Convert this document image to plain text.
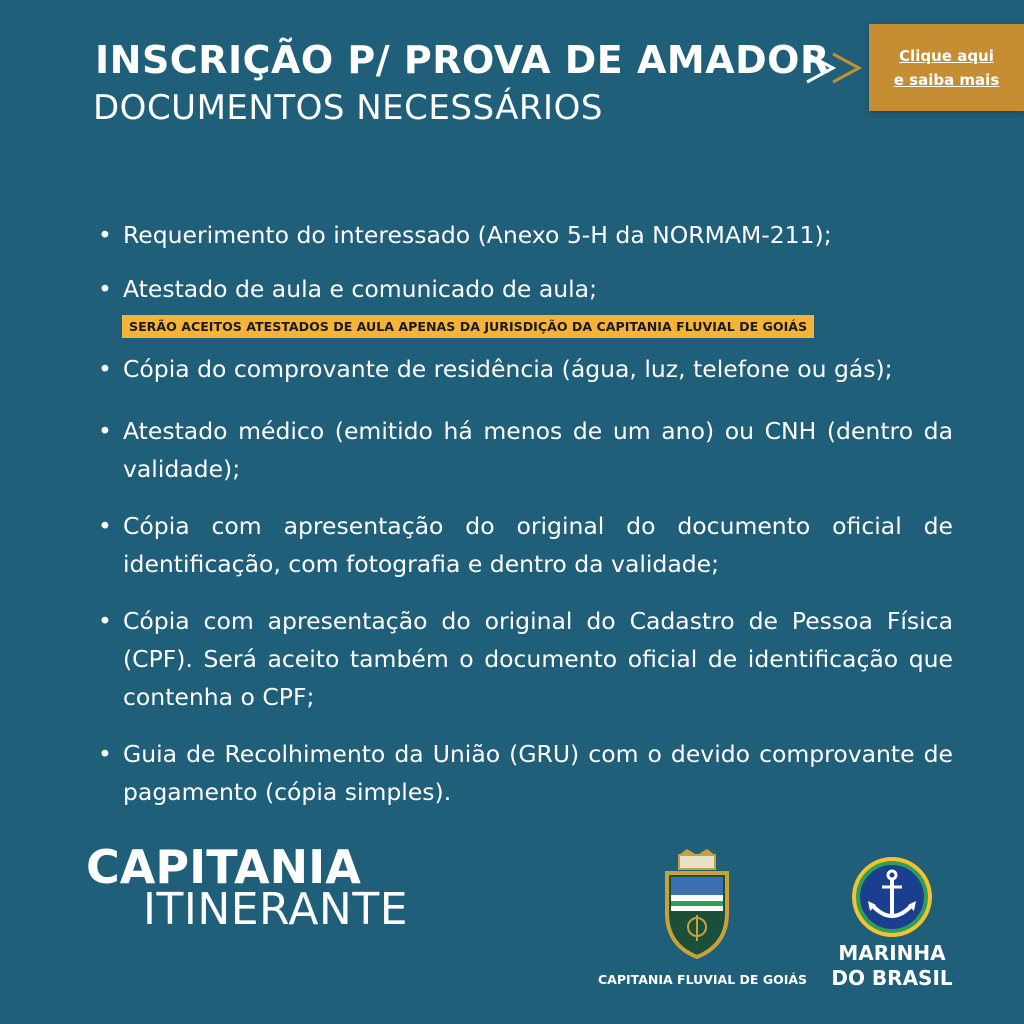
INSCRIÇÃO P/ PROVA DE AMADOR
DOCUMENTOS NECESSÁRIOS
Clique aqui
e saiba mais
• Requerimento do interessado (Anexo 5-H da NORMAM-211);
• Atestado de aula e comunicado de aula;
• Cópia do comprovante de residência (água, luz, telefone ou gás);
• Atestado médico (emitido há menos de um ano) ou CNH (dentro da validade);
• Cópia com apresentação do original do documento oficial de identificação, com fotografia e dentro da validade;
• Cópia com apresentação do original do Cadastro de Pessoa Física (CPF). Será aceito também o documento oficial de identificação que contenha o CPF;
• Guia de Recolhimento da União (GRU) com o devido comprovante de pagamento (cópia simples).
SERÃO ACEITOS ATESTADOS DE AULA APENAS DA JURISDIÇÃO DA CAPITANIA FLUVIAL DE GOIÁS
CAPITANIA
ITINERANTE
CAPITANIA FLUVIAL DE GOIÁS
MARINHA
DO BRASIL
